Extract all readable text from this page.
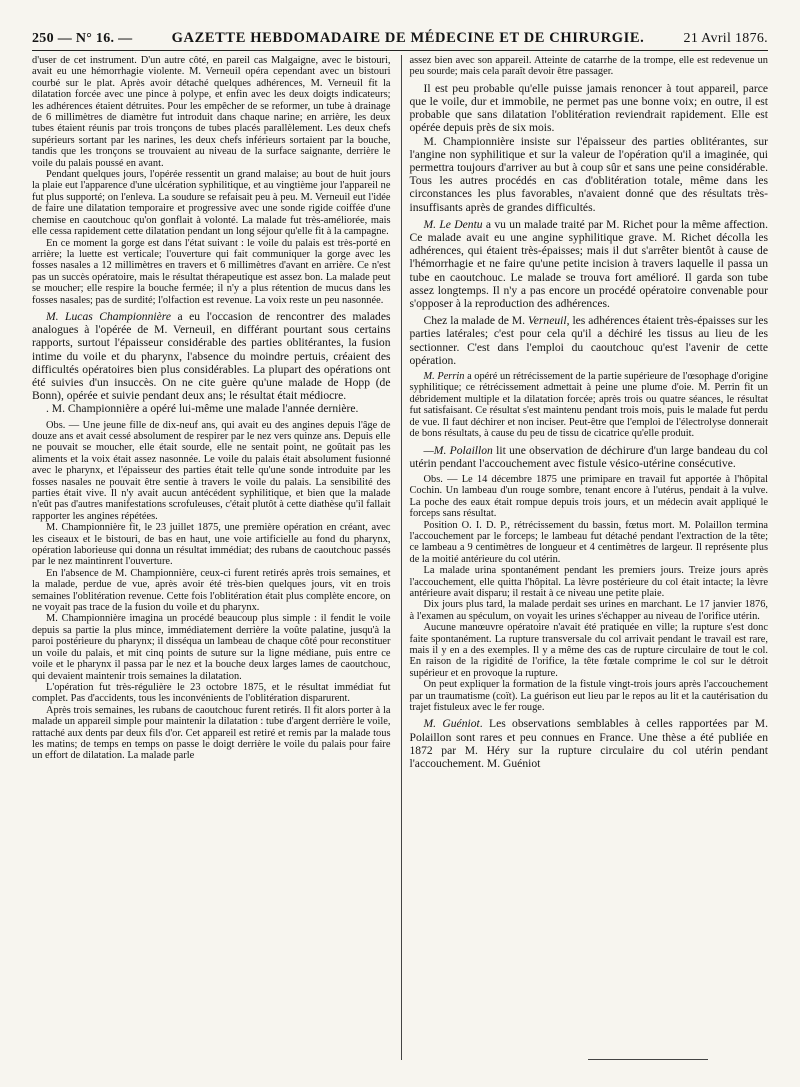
250 — N° 16. —	GAZETTE HEBDOMADAIRE DE MÉDECINE ET DE CHIRURGIE.	21 Avril 1876.

d'user de cet instrument. D'un autre côté, en pareil cas Malgaigne, avec le bistouri, avait eu une hémorrhagie violente. M. Verneuil opéra cependant avec un bistouri courbé sur le plat. Après avoir détaché quelques adhérences, M. Verneuil fit la dilatation forcée avec une pince à polype, et enfin avec les deux doigts indicateurs; les adhérences étaient détruites. Pour les empêcher de se reformer, un tube à drainage de 6 millimètres de diamètre fut introduit dans chaque narine; en arrière, les deux tubes étaient réunis par trois tronçons de tubes placés parallèlement. Les deux chefs supérieurs sortant par les narines, les deux chefs inférieurs sortaient par la bouche, tandis que les tronçons se trouvaient au niveau de la surface saignante, derrière le voile du palais poussé en avant.

Pendant quelques jours, l'opérée ressentit un grand malaise; au bout de huit jours la plaie eut l'apparence d'une ulcération syphilitique, et au vingtième jour l'appareil ne fut plus supporté; on l'enleva. La soudure se refaisait peu à peu. M. Verneuil eut l'idée de faire une dilatation temporaire et progressive avec une sonde rigide coiffée d'une chemise en caoutchouc qu'on gonflait à volonté. La malade fut très-améliorée, mais elle cessa rapidement cette dilatation pendant un long séjour qu'elle fit à la campagne.

En ce moment la gorge est dans l'état suivant : le voile du palais est très-porté en arrière; la luette est verticale; l'ouverture qui fait communiquer la gorge avec les fosses nasales a 12 millimètres en travers et 6 millimètres d'avant en arrière. Ce n'est pas un succès opératoire, mais le résultat thérapeutique est assez bon. La malade peut se moucher; elle respire la bouche fermée; il n'y a plus rétention de mucus dans les fosses nasales; pas de surdité; l'olfaction est revenue. La voix reste un peu nasonnée.

M. Lucas Championnière a eu l'occasion de rencontrer des malades analogues à l'opérée de M. Verneuil, en différant pourtant sous certains rapports, surtout l'épaisseur considérable des parties oblitérantes, la fusion intime du voile et du pharynx, l'absence du moindre pertuis, créaient des difficultés opératoires bien plus considérables. La plupart des opérations ont été suivies d'un insuccès. On ne cite guère qu'une malade de Hopp (de Bonn), opérée et suivie pendant deux ans; le résultat était médiocre.

. M. Championnière a opéré lui-même une malade l'année dernière.

Obs. — Une jeune fille de dix-neuf ans, qui avait eu des angines depuis l'âge de douze ans et avait cessé absolument de respirer par le nez vers quinze ans. Depuis elle ne pouvait se moucher, elle était sourde, elle ne sentait point, ne goûtait pas les aliments et la voix était assez nasonnée. Le voile du palais était absolument fusionné avec le pharynx, et l'épaisseur des parties était telle qu'une sonde introduite par les fosses nasales ne pouvait être sentie à travers le voile du palais. La sensibilité des parties était vive. Il n'y avait aucun antécédent syphilitique, et bien que la malade n'eût pas d'autres manifestations scrofuleuses, c'était plutôt à cette diathèse qu'il fallait rapporter les angines répétées.

M. Championnière fit, le 23 juillet 1875, une première opération en créant, avec les ciseaux et le bistouri, de bas en haut, une voie artificielle au fond du pharynx, opération laborieuse qui donna un résultat immédiat; des rubans de caoutchouc passés par le nez maintinrent l'ouverture.

En l'absence de M. Championnière, ceux-ci furent retirés après trois semaines, et la malade, perdue de vue, après avoir été très-bien quelques jours, vit en trois semaines l'oblitération revenue. Cette fois l'oblitération était plus complète encore, on ne voyait pas trace de la fusion du voile et du pharynx.

M. Championnière imagina un procédé beaucoup plus simple : il fendit le voile depuis sa partie la plus mince, immédiatement derrière la voûte palatine, jusqu'à la paroi postérieure du pharynx; il disséqua un lambeau de chaque côté pour reconstituer un voile du palais, et mit cinq points de suture sur la ligne médiane, puis entre ce voile et le pharynx il passa par le nez et la bouche deux larges lames de caoutchouc, qui devaient maintenir trois semaines la dilatation.

L'opération fut très-régulière le 23 octobre 1875, et le résultat immédiat fut complet. Pas d'accidents, tous les inconvénients de l'oblitération disparurent.

Après trois semaines, les rubans de caoutchouc furent retirés. Il fit alors porter à la malade un appareil simple pour maintenir la dilatation : tube d'argent derrière le voile, rattaché aux dents par deux fils d'or. Cet appareil est retiré et remis par la malade tous les matins; de temps en temps on passe le doigt derrière le voile du palais pour faire un effort de dilatation. La malade parle

assez bien avec son appareil. Atteinte de catarrhe de la trompe, elle est redevenue un peu sourde; mais cela paraît devoir être passager.

Il est peu probable qu'elle puisse jamais renoncer à tout appareil, parce que le voile, dur et immobile, ne permet pas une bonne voix; en outre, il est probable que sans dilatation l'oblitération reviendrait rapidement. Elle est opérée depuis près de six mois.

M. Championnière insiste sur l'épaisseur des parties oblitérantes, sur l'angine non syphilitique et sur la valeur de l'opération qu'il a imaginée, qui permettra toujours d'arriver au but à coup sûr et sans une peine considérable. Tous les autres procédés en cas d'oblitération totale, même dans les circonstances les plus favorables, n'avaient donné que des résultats très-insuffisants après de grandes difficultés.

M. Le Dentu a vu un malade traité par M. Richet pour la même affection. Ce malade avait eu une angine syphilitique grave. M. Richet décolla les adhérences, qui étaient très-épaisses; mais il dut s'arrêter bientôt à cause de l'hémorrhagie et ne faire qu'une petite incision à travers laquelle il passa un tube en caoutchouc. Le malade se trouva fort amélioré. Il garda son tube assez longtemps. Il n'y a pas encore un procédé opératoire convenable pour s'opposer à la reproduction des adhérences.

Chez la malade de M. Verneuil, les adhérences étaient très-épaisses sur les parties latérales; c'est pour cela qu'il a déchiré les tissus au lieu de les sectionner. C'est dans l'emploi du caoutchouc qu'est l'avenir de cette opération.

M. Perrin a opéré un rétrécissement de la partie supérieure de l'œsophage d'origine syphilitique; ce rétrécissement admettait à peine une plume d'oie. M. Perrin fit un débridement multiple et la dilatation forcée; après trois ou quatre séances, le résultat fut satisfaisant. Ce résultat s'est maintenu pendant trois mois, puis le malade fut perdu de vue. Il faut déchirer et non inciser. Peut-être que l'emploi de l'électrolyse donnerait de bons résultats, à cause du peu de tissu de cicatrice qu'elle produit.

—M. Polaillon lit une observation de déchirure d'un large bandeau du col utérin pendant l'accouchement avec fistule vésico-utérine consécutive.

Obs. — Le 14 décembre 1875 une primipare en travail fut apportée à l'hôpital Cochin. Un lambeau d'un rouge sombre, tenant encore à l'utérus, pendait à la vulve. La poche des eaux était rompue depuis trois jours, et un médecin avait appliqué le forceps sans résultat.

Position O. I. D. P., rétrécissement du bassin, fœtus mort. M. Polaillon termina l'accouchement par le forceps; le lambeau fut détaché pendant l'extraction de la tête; ce lambeau a 9 centimètres de longueur et 4 centimètres de largeur. Il représente plus de la moitié antérieure du col utérin.

La malade urina spontanément pendant les premiers jours. Treize jours après l'accouchement, elle quitta l'hôpital. La lèvre postérieure du col était intacte; la lèvre antérieure avait disparu; il restait à ce niveau une petite plaie.

Dix jours plus tard, la malade perdait ses urines en marchant. Le 17 janvier 1876, à l'examen au spéculum, on voyait les urines s'échapper au niveau de l'orifice utérin.

Aucune manœuvre opératoire n'avait été pratiquée en ville; la rupture s'est donc faite spontanément. La rupture transversale du col arrivait pendant le travail est rare, mais il y en a des exemples. Il y a même des cas de rupture circulaire de tout le col. En raison de la rigidité de l'orifice, la tête fœtale comprime le col sur le détroit supérieur et en provoque la rupture.

On peut expliquer la formation de la fistule vingt-trois jours après l'accouchement par un traumatisme (coït). La guérison eut lieu par le repos au lit et la cautérisation du trajet fistuleux avec le fer rouge.

M. Guéniot. Les observations semblables à celles rapportées par M. Polaillon sont rares et peu connues en France. Une thèse a été publiée en 1872 par M. Héry sur la rupture circulaire du col utérin pendant l'accouchement. M. Guéniot
